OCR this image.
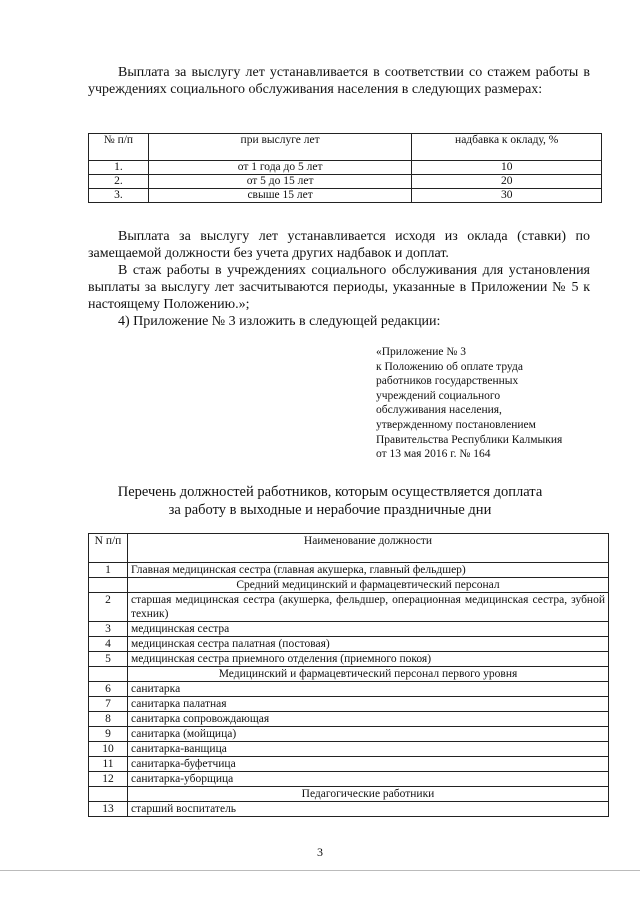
Выплата за выслугу лет устанавливается в соответствии со стажем работы в учреждениях социального обслуживания населения в следующих размерах:
№ п/п	при выслуге лет	надбавка к окладу, %
1.	от 1 года до 5 лет	10
2.	от 5 до 15 лет	20
3.	свыше 15 лет	30
Выплата за выслугу лет устанавливается исходя из оклада (ставки) по замещаемой должности без учета других надбавок и доплат.
В стаж работы в учреждениях социального обслуживания для установления выплаты за выслугу лет засчитываются периоды, указанные в Приложении № 5 к настоящему Положению.»;
4) Приложение № 3 изложить в следующей редакции:
«Приложение № 3
к Положению об оплате труда
работников государственных
учреждений социального
обслуживания населения,
утвержденному постановлением
Правительства Республики Калмыкия
от 13 мая 2016 г. № 164
Перечень должностей работников, которым осуществляется доплата
за работу в выходные и нерабочие праздничные дни
N п/п	Наименование должности
1	Главная медицинская сестра (главная акушерка, главный фельдшер)
	Средний медицинский и фармацевтический персонал
2	старшая медицинская сестра (акушерка, фельдшер, операционная медицинская сестра, зубной техник)
3	медицинская сестра
4	медицинская сестра палатная (постовая)
5	медицинская сестра приемного отделения (приемного покоя)
	Медицинский и фармацевтический персонал первого уровня
6	санитарка
7	санитарка палатная
8	санитарка сопровождающая
9	санитарка (мойщица)
10	санитарка-ванщица
11	санитарка-буфетчица
12	санитарка-уборщица
	Педагогические работники
13	старший воспитатель
3
